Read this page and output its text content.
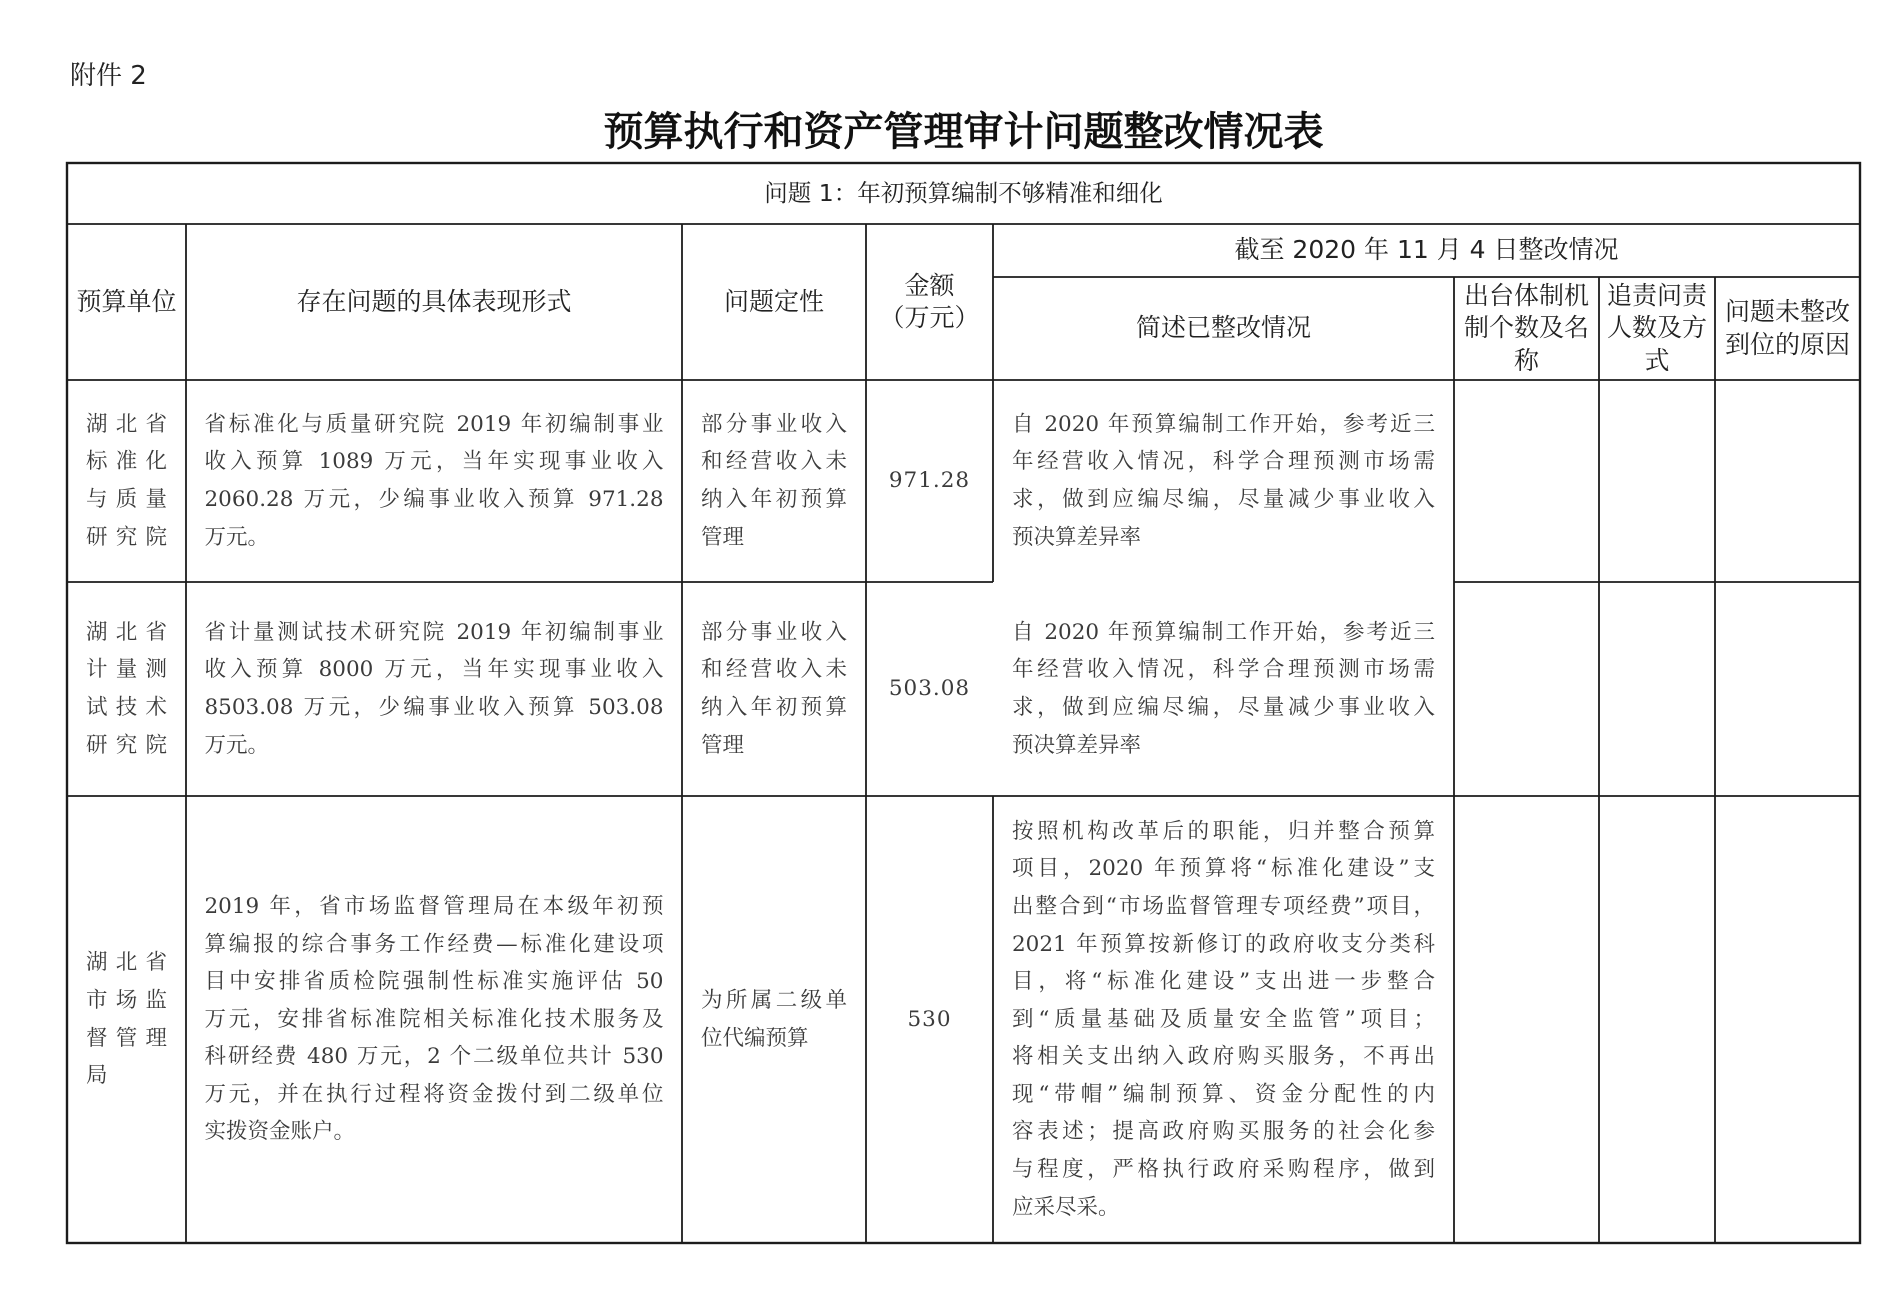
附件 2
预算执行和资产管理审计问题整改情况表
问题 1：年初预算编制不够精准和细化
预算单位	存在问题的具体表现形式	问题定性
金额
（万元）
截至 2020 年 11 月 4 日整改情况
简述已整改情况
出台体制机
制个数及名
称
追责问责
人数及方
式
问题未整改
到位的原因
湖北省
标准化
与质量
研究院
省标准化与质量研究院 2019 年初编制事业
收入预算 1089 万元，当年实现事业收入
2060.28 万元，少编事业收入预算 971.28
万元。
部分事业收入
和经营收入未
纳入年初预算
管理
971.28
自 2020 年预算编制工作开始，参考近三
年经营收入情况，科学合理预测市场需
求，做到应编尽编，尽量减少事业收入
预决算差异率
湖北省
计量测
试技术
研究院
省计量测试技术研究院 2019 年初编制事业
收入预算 8000 万元，当年实现事业收入
8503.08 万元，少编事业收入预算 503.08
万元。
部分事业收入
和经营收入未
纳入年初预算
管理
503.08
自 2020 年预算编制工作开始，参考近三
年经营收入情况，科学合理预测市场需
求，做到应编尽编，尽量减少事业收入
预决算差异率
湖北省
市场监
督管理
局
2019 年，省市场监督管理局在本级年初预
算编报的综合事务工作经费—标准化建设项
目中安排省质检院强制性标准实施评估 50
万元，安排省标准院相关标准化技术服务及
科研经费 480 万元，2 个二级单位共计 530
万元，并在执行过程将资金拨付到二级单位
实拨资金账户。
为所属二级单
位代编预算
530
按照机构改革后的职能，归并整合预算
项目，2020 年预算将“标准化建设”支
出整合到“市场监督管理专项经费”项目，
2021 年预算按新修订的政府收支分类科
目，将“标准化建设”支出进一步整合
到“质量基础及质量安全监管”项目；
将相关支出纳入政府购买服务，不再出
现“带帽”编制预算、资金分配性的内
容表述；提高政府购买服务的社会化参
与程度，严格执行政府采购程序，做到
应采尽采。
